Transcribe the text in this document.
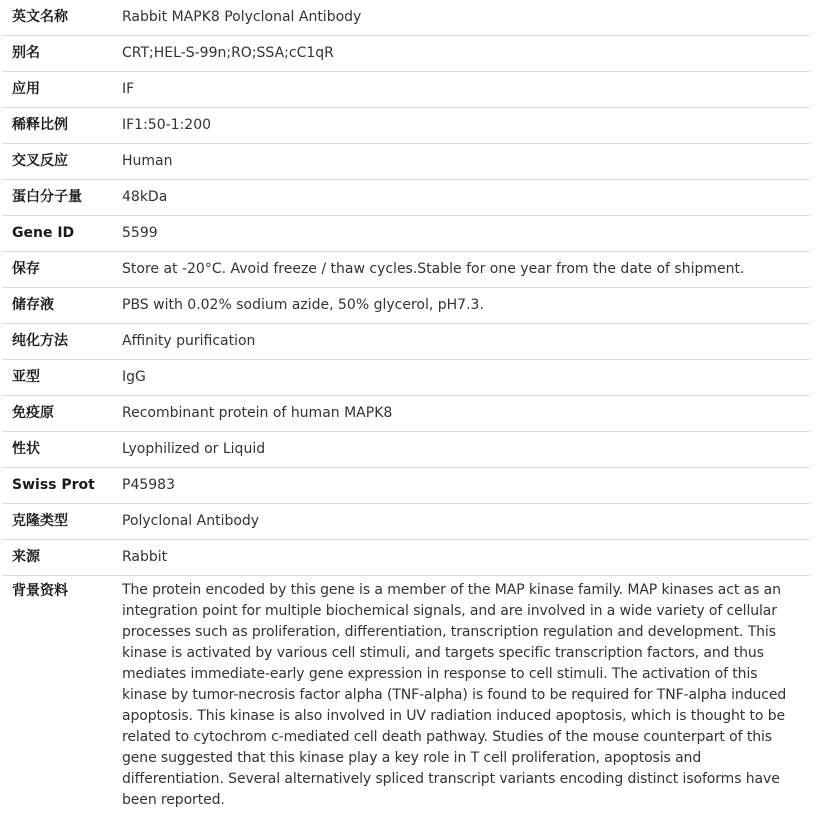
英文名称	Rabbit MAPK8 Polyclonal Antibody
别名	CRT;HEL-S-99n;RO;SSA;cC1qR
应用	IF
稀释比例	IF1:50-1:200
交叉反应	Human
蛋白分子量	48kDa
Gene ID	5599
保存	Store at -20°C. Avoid freeze / thaw cycles.Stable for one year from the date of shipment.
储存液	PBS with 0.02% sodium azide, 50% glycerol, pH7.3.
纯化方法	Affinity purification
亚型	IgG
免疫原	Recombinant protein of human MAPK8
性状	Lyophilized or Liquid
Swiss Prot	P45983
克隆类型	Polyclonal Antibody
来源	Rabbit
背景资料	The protein encoded by this gene is a member of the MAP kinase family. MAP kinases act as an integration point for multiple biochemical signals, and are involved in a wide variety of cellular processes such as proliferation, differentiation, transcription regulation and development. This kinase is activated by various cell stimuli, and targets specific transcription factors, and thus mediates immediate-early gene expression in response to cell stimuli. The activation of this kinase by tumor-necrosis factor alpha (TNF-alpha) is found to be required for TNF-alpha induced apoptosis. This kinase is also involved in UV radiation induced apoptosis, which is thought to be related to cytochrom c-mediated cell death pathway. Studies of the mouse counterpart of this gene suggested that this kinase play a key role in T cell proliferation, apoptosis and differentiation. Several alternatively spliced transcript variants encoding distinct isoforms have been reported.
